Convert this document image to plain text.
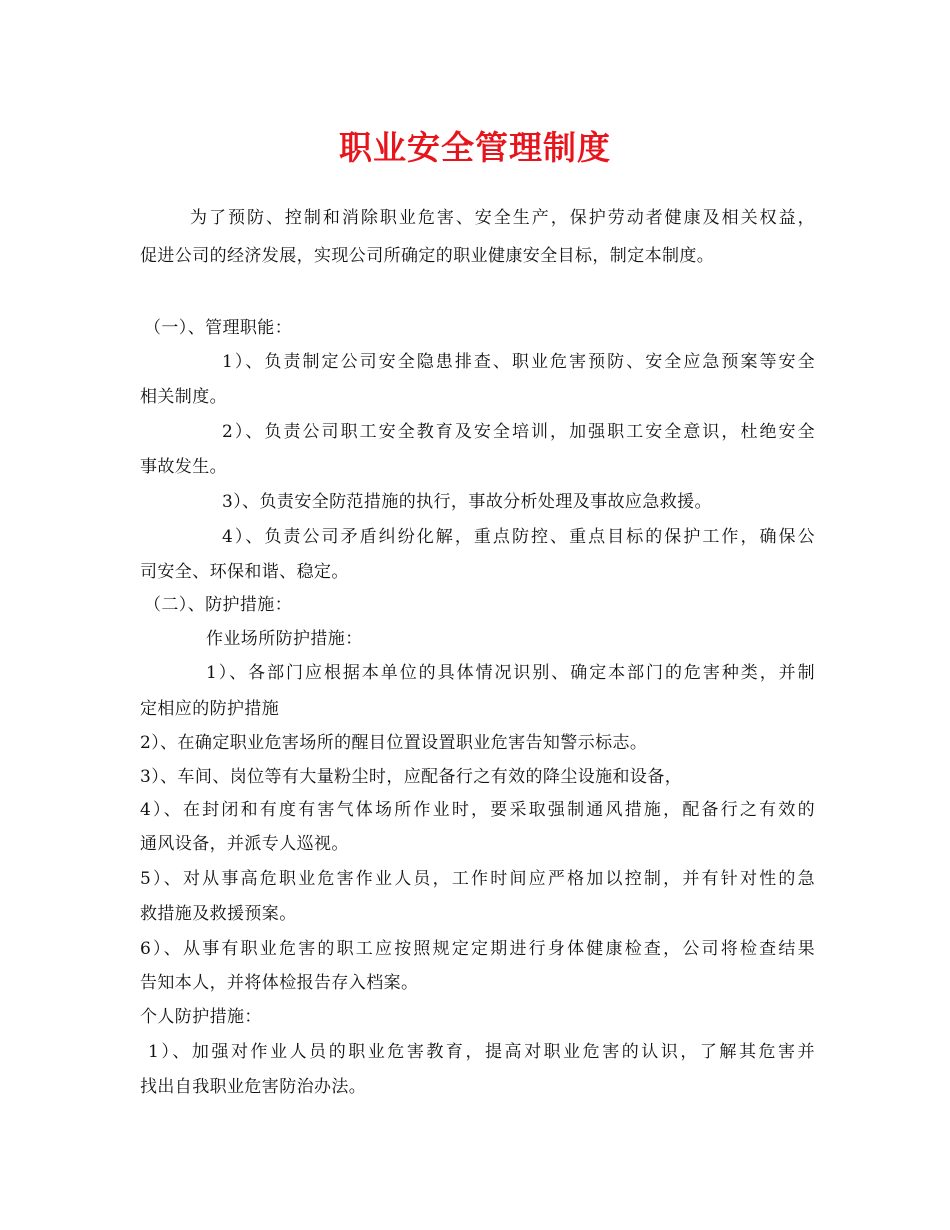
职业安全管理制度
为了预防、控制和消除职业危害、安全生产，保护劳动者健康及相关权益，
促进公司的经济发展，实现公司所确定的职业健康安全目标，制定本制度。
（一）、管理职能：
1）、负责制定公司安全隐患排查、职业危害预防、安全应急预案等安全
相关制度。
2）、负责公司职工安全教育及安全培训，加强职工安全意识，杜绝安全
事故发生。
3）、负责安全防范措施的执行，事故分析处理及事故应急救援。
4）、负责公司矛盾纠纷化解，重点防控、重点目标的保护工作，确保公
司安全、环保和谐、稳定。
（二）、防护措施：
作业场所防护措施：
1）、各部门应根据本单位的具体情况识别、确定本部门的危害种类，并制
定相应的防护措施
2）、在确定职业危害场所的醒目位置设置职业危害告知警示标志。
3）、车间、岗位等有大量粉尘时，应配备行之有效的降尘设施和设备，
4）、在封闭和有度有害气体场所作业时，要采取强制通风措施，配备行之有效的
通风设备，并派专人巡视。
5）、对从事高危职业危害作业人员，工作时间应严格加以控制，并有针对性的急
救措施及救援预案。
6）、从事有职业危害的职工应按照规定定期进行身体健康检查，公司将检查结果
告知本人，并将体检报告存入档案。
个人防护措施：
1）、加强对作业人员的职业危害教育，提高对职业危害的认识，了解其危害并
找出自我职业危害防治办法。
